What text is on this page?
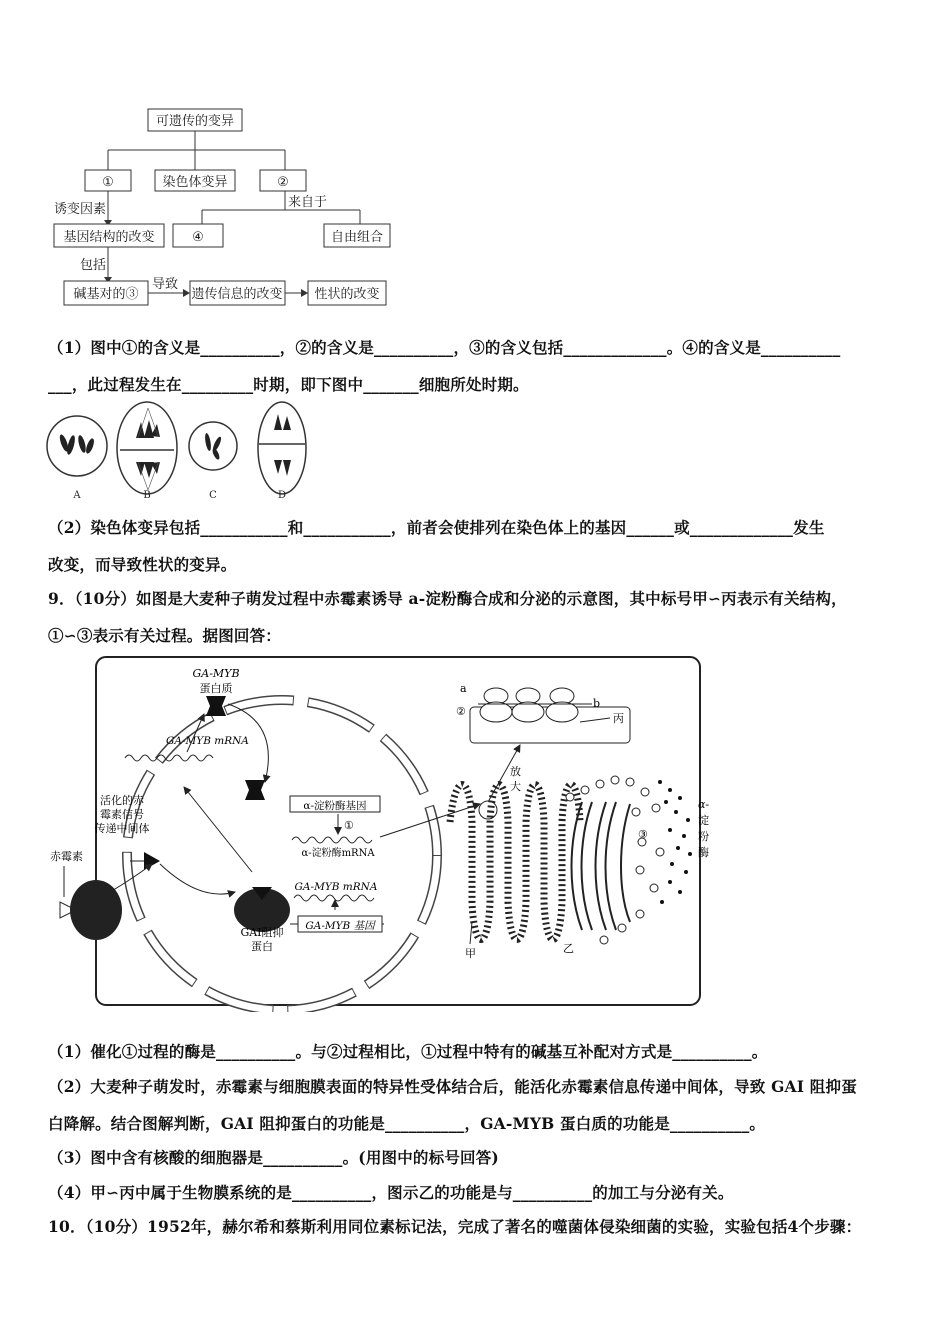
可遗传的变异
①	染色体变异	②
基因结构的改变	④	自由组合
碱基对的③	遗传信息的改变 性状的改变
诱变因素	来自于
包括
导致
（1）图中①的含义是__________，②的含义是__________，③的含义包括_____________。④的含义是__________
___，此过程发生在_________时期，即下图中_______细胞所处时期。
A	B	C	D
（2）染色体变异包括___________和___________，前者会使排列在染色体上的基因______或_____________发生
改变，而导致性状的变异。
9．（10分）如图是大麦种子萌发过程中赤霉素诱导 a-淀粉酶合成和分泌的示意图，其中标号甲∽丙表示有关结构，
①∽③表示有关过程。据图回答：
GA-MYB
蛋白质
GA-MYB mRNA
活化的赤
霉素信号
传递中间体
赤霉素
GAI阻抑
蛋白
α-淀粉酶基因
①
α-淀粉酶mRNA
GA-MYB mRNA
GA-MYB 基因
a
②
b
丙
放
大
甲	乙
③
α-
淀
粉
酶
（1）催化①过程的酶是__________。与②过程相比，①过程中特有的碱基互补配对方式是__________。
（2）大麦种子萌发时，赤霉素与细胞膜表面的特异性受体结合后，能活化赤霉素信息传递中间体，导致 GAI 阻抑蛋
白降解。结合图解判断，GAI 阻抑蛋白的功能是__________，GA-MYB 蛋白质的功能是__________。
（3）图中含有核酸的细胞器是__________。(用图中的标号回答)
（4）甲∽丙中属于生物膜系统的是__________，图示乙的功能是与__________的加工与分泌有关。
10．（10分）1952年，赫尔希和蔡斯利用同位素标记法，完成了著名的噬菌体侵染细菌的实验，实验包括4个步骤：
